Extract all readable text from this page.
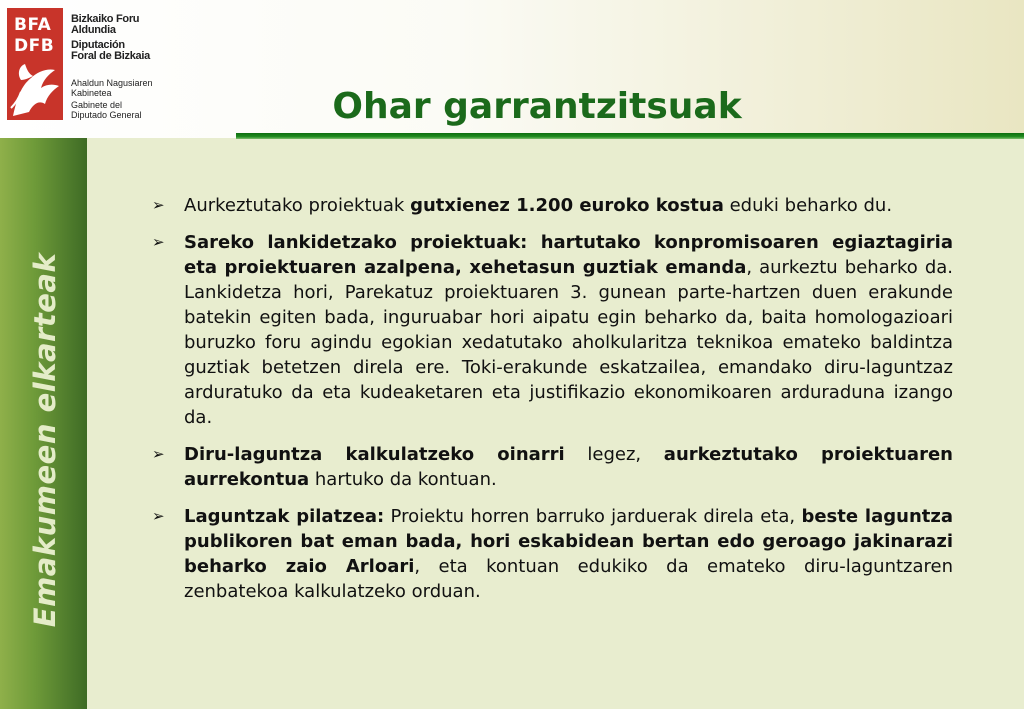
BFA
DFB
Bizkaiko Foru
Aldundia
Diputación
Foral de Bizkaia
Ahaldun Nagusiaren
Kabinetea
Gabinete del
Diputado General	Ohar garrantzitsuak
Emakumeen elkarteak
➢ Aurkeztutako proiektuak gutxienez 1.200 euroko kostua eduki beharko du.
➢ Sareko lankidetzako proiektuak: hartutako konpromisoaren egiaztagiria eta proiektuaren azalpena, xehetasun guztiak emanda, aurkeztu beharko da. Lankidetza hori, Parekatuz proiektuaren 3. gunean parte-hartzen duen erakunde batekin egiten bada, inguruabar hori aipatu egin beharko da, baita homologazioari buruzko foru agindu egokian xedatutako aholkularitza teknikoa emateko baldintza guztiak betetzen direla ere. Toki-erakunde eskatzailea, emandako diru-laguntzaz arduratuko da eta kudeaketaren eta justifikazio ekonomikoaren arduraduna izango da.
➢ Diru-laguntza kalkulatzeko oinarri legez, aurkeztutako proiektuaren aurrekontua hartuko da kontuan.
➢ Laguntzak pilatzea: Proiektu horren barruko jarduerak direla eta, beste laguntza publikoren bat eman bada, hori eskabidean bertan edo geroago jakinarazi beharko zaio Arloari, eta kontuan edukiko da emateko diru-laguntzaren zenbatekoa kalkulatzeko orduan.
